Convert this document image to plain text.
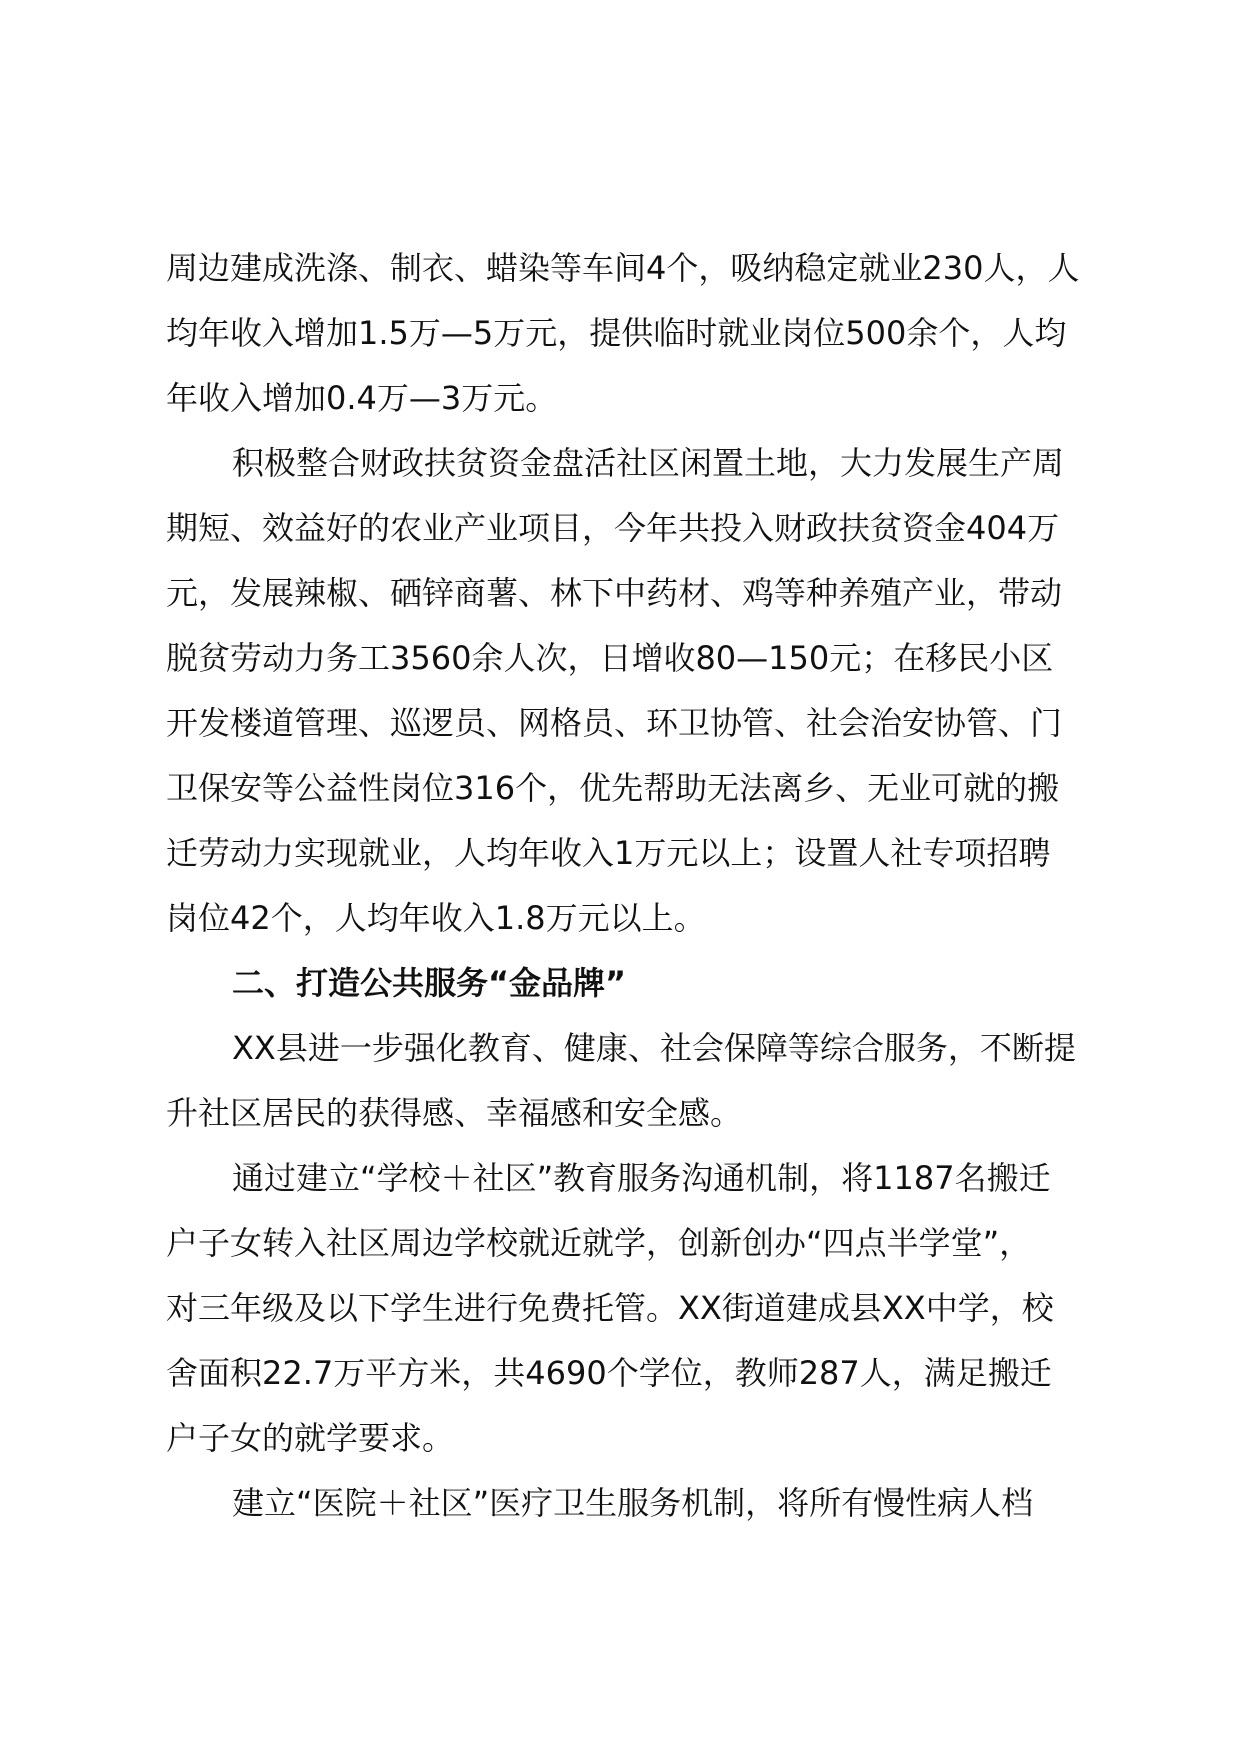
周边建成洗涤、制衣、蜡染等车间4个，吸纳稳定就业230人，人
均年收入增加1.5万—5万元，提供临时就业岗位500余个，人均
年收入增加0.4万—3万元。
积极整合财政扶贫资金盘活社区闲置土地，大力发展生产周
期短、效益好的农业产业项目，今年共投入财政扶贫资金404万
元，发展辣椒、硒锌商薯、林下中药材、鸡等种养殖产业，带动
脱贫劳动力务工3560余人次，日增收80—150元；在移民小区
开发楼道管理、巡逻员、网格员、环卫协管、社会治安协管、门
卫保安等公益性岗位316个，优先帮助无法离乡、无业可就的搬
迁劳动力实现就业，人均年收入1万元以上；设置人社专项招聘
岗位42个，人均年收入1.8万元以上。
二、打造公共服务“金品牌”
XX县进一步强化教育、健康、社会保障等综合服务，不断提
升社区居民的获得感、幸福感和安全感。
通过建立“学校＋社区”教育服务沟通机制，将1187名搬迁
户子女转入社区周边学校就近就学，创新创办“四点半学堂”，
对三年级及以下学生进行免费托管。XX街道建成县XX中学，校
舍面积22.7万平方米，共4690个学位，教师287人，满足搬迁
户子女的就学要求。
建立“医院＋社区”医疗卫生服务机制，将所有慢性病人档
